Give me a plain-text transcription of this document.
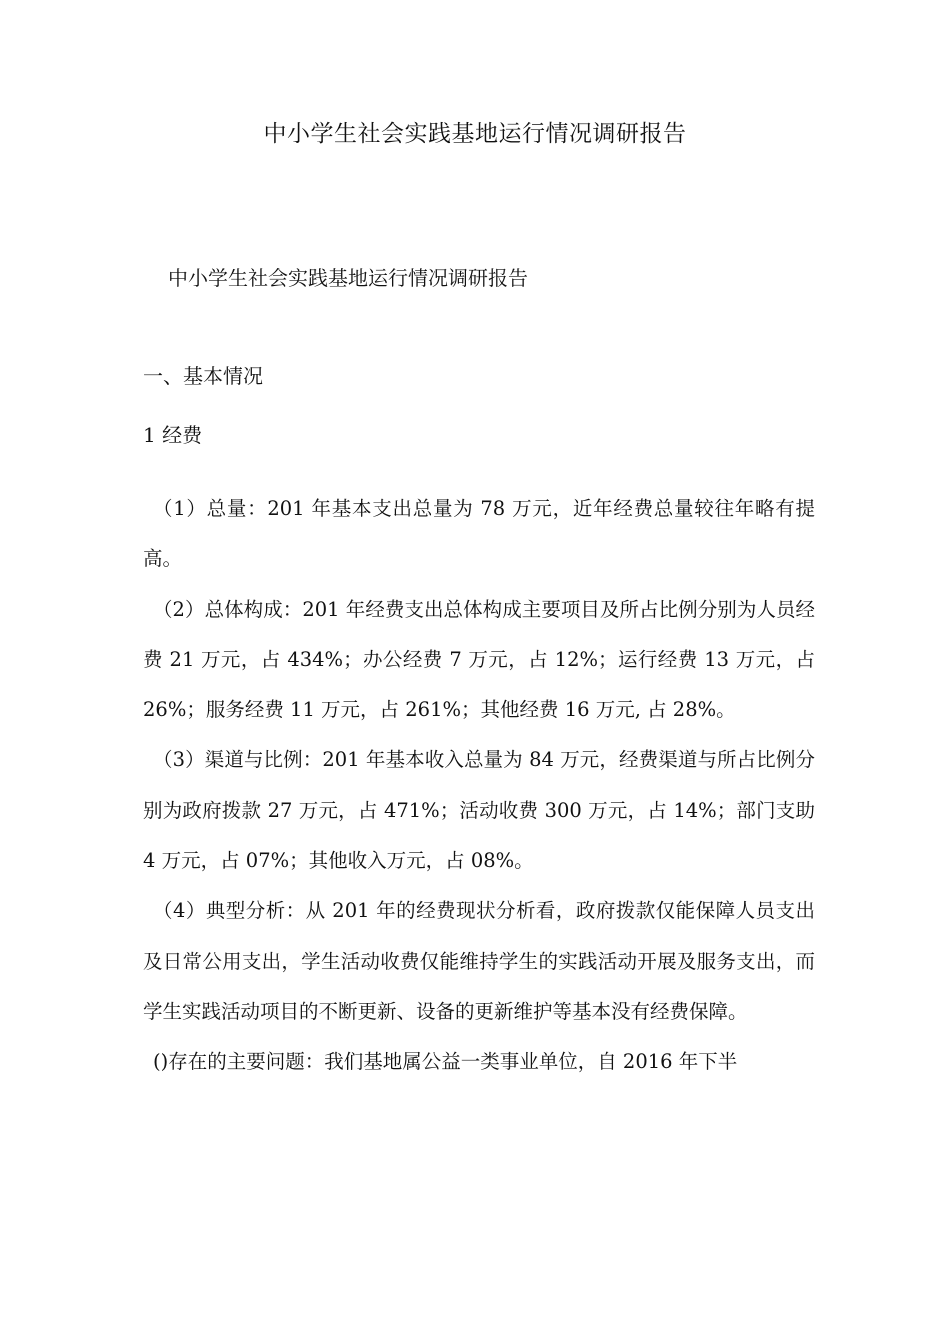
中小学生社会实践基地运行情况调研报告
中小学生社会实践基地运行情况调研报告
一、基本情况
1 经费

（1）总量：201 年基本支出总量为 78 万元，近年经费总量较往年略有提高。

（2）总体构成：201 年经费支出总体构成主要项目及所占比例分别为人员经费 21 万元，占 434%；办公经费 7 万元，占 12%；运行经费 13 万元，占 26%；服务经费 11 万元，占 261%；其他经费 16 万元, 占 28%。

（3）渠道与比例：201 年基本收入总量为 84 万元，经费渠道与所占比例分别为政府拨款 27 万元，占 471%；活动收费 300 万元，占 14%；部门支助 4 万元，占 07%；其他收入万元，占 08%。

（4）典型分析：从 201 年的经费现状分析看，政府拨款仅能保障人员支出及日常公用支出，学生活动收费仅能维持学生的实践活动开展及服务支出，而学生实践活动项目的不断更新、设备的更新维护等基本没有经费保障。

()存在的主要问题：我们基地属公益一类事业单位，自 2016 年下半
